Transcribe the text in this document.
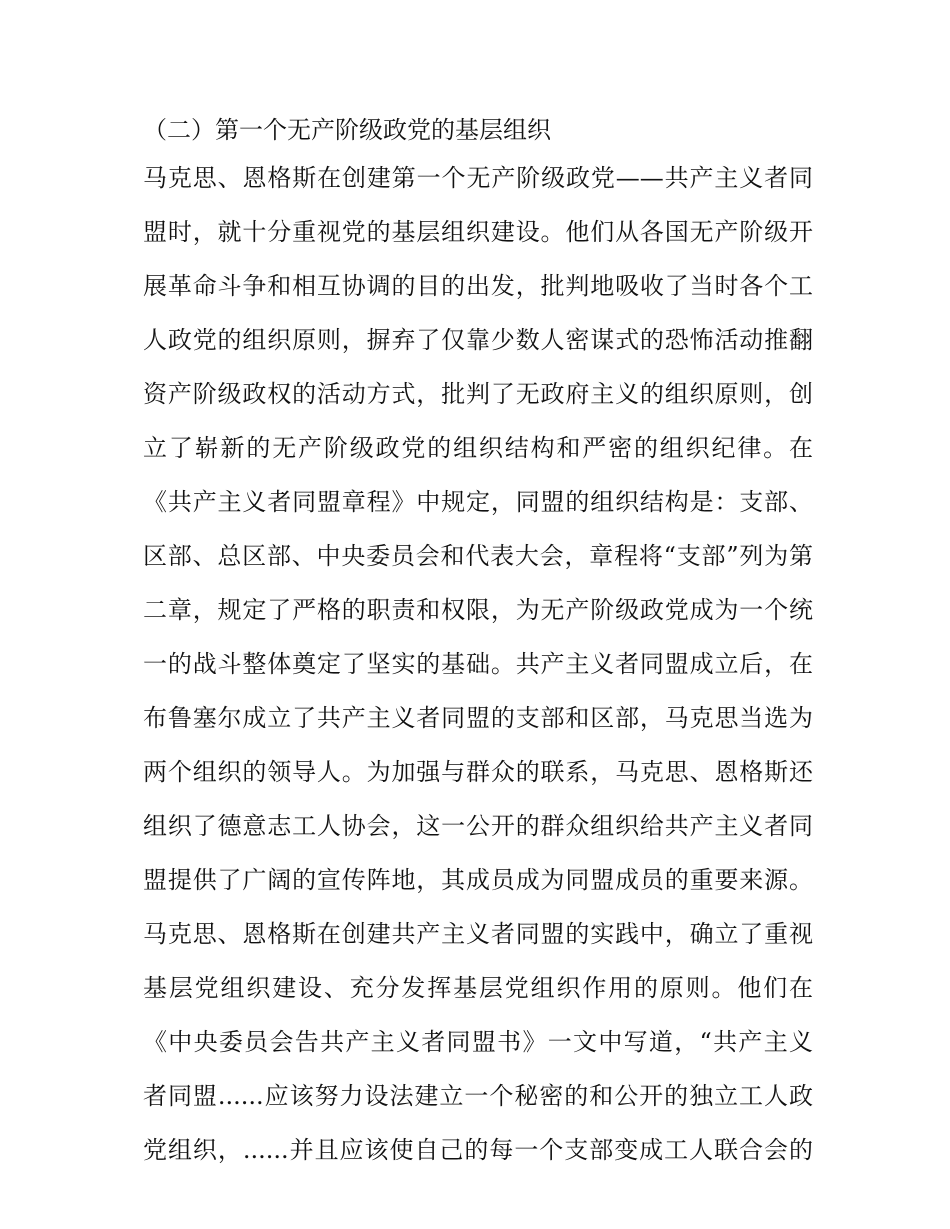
（二）第一个无产阶级政党的基层组织
马克思、恩格斯在创建第一个无产阶级政党——共产主义者同
盟时，就十分重视党的基层组织建设。他们从各国无产阶级开
展革命斗争和相互协调的目的出发，批判地吸收了当时各个工
人政党的组织原则，摒弃了仅靠少数人密谋式的恐怖活动推翻
资产阶级政权的活动方式，批判了无政府主义的组织原则，创
立了崭新的无产阶级政党的组织结构和严密的组织纪律。在
《共产主义者同盟章程》中规定，同盟的组织结构是：支部、
区部、总区部、中央委员会和代表大会，章程将“支部”列为第
二章，规定了严格的职责和权限，为无产阶级政党成为一个统
一的战斗整体奠定了坚实的基础。共产主义者同盟成立后，在
布鲁塞尔成立了共产主义者同盟的支部和区部，马克思当选为
两个组织的领导人。为加强与群众的联系，马克思、恩格斯还
组织了德意志工人协会，这一公开的群众组织给共产主义者同
盟提供了广阔的宣传阵地，其成员成为同盟成员的重要来源。
马克思、恩格斯在创建共产主义者同盟的实践中，确立了重视
基层党组织建设、充分发挥基层党组织作用的原则。他们在
《中央委员会告共产主义者同盟书》一文中写道，“共产主义
者同盟......应该努力设法建立一个秘密的和公开的独立工人政
党组织，......并且应该使自己的每一个支部变成工人联合会的
